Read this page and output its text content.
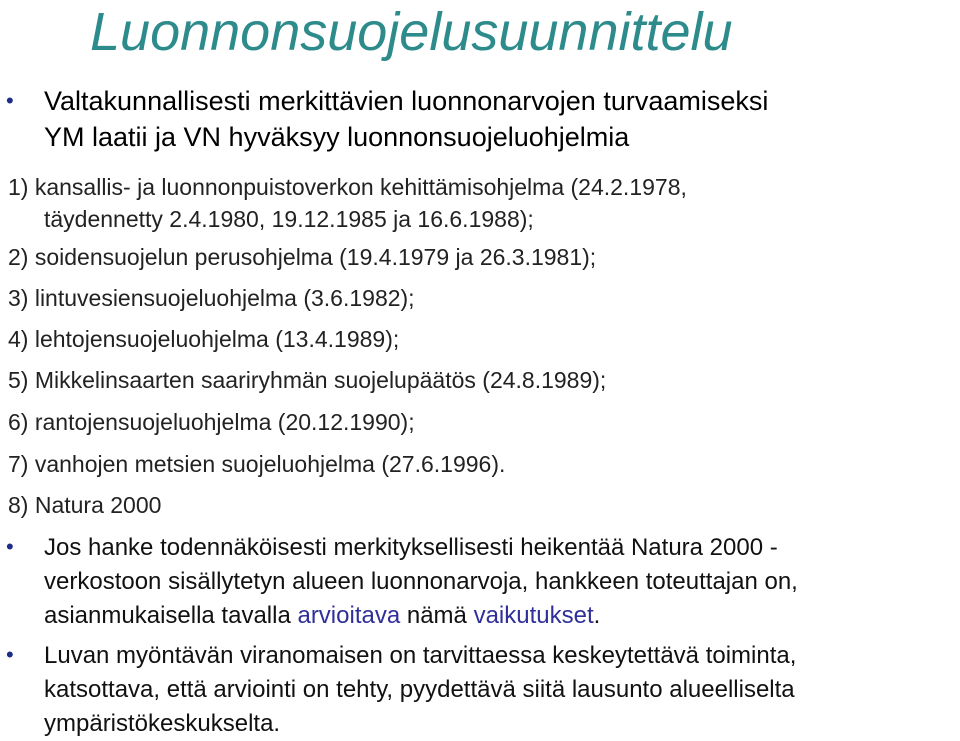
Luonnonsuojelusuunnittelu
• Valtakunnallisesti merkittävien luonnonarvojen turvaamiseksi
YM laatii ja VN hyväksyy luonnonsuojeluohjelmia
1) kansallis- ja luonnonpuistoverkon kehittämisohjelma (24.2.1978,
täydennetty 2.4.1980, 19.12.1985 ja 16.6.1988);
2) soidensuojelun perusohjelma (19.4.1979 ja 26.3.1981);
3) lintuvesiensuojeluohjelma (3.6.1982);
4) lehtojensuojeluohjelma (13.4.1989);
5) Mikkelinsaarten saariryhmän suojelupäätös (24.8.1989);
6) rantojensuojeluohjelma (20.12.1990);
7) vanhojen metsien suojeluohjelma (27.6.1996).
8) Natura 2000
• Jos hanke todennäköisesti merkityksellisesti heikentää Natura 2000 -
verkostoon sisällytetyn alueen luonnonarvoja, hankkeen toteuttajan on,
asianmukaisella tavalla arvioitava nämä vaikutukset.
• Luvan myöntävän viranomaisen on tarvittaessa keskeytettävä toiminta,
katsottava, että arviointi on tehty, pyydettävä siitä lausunto alueelliselta
ympäristökeskukselta.
